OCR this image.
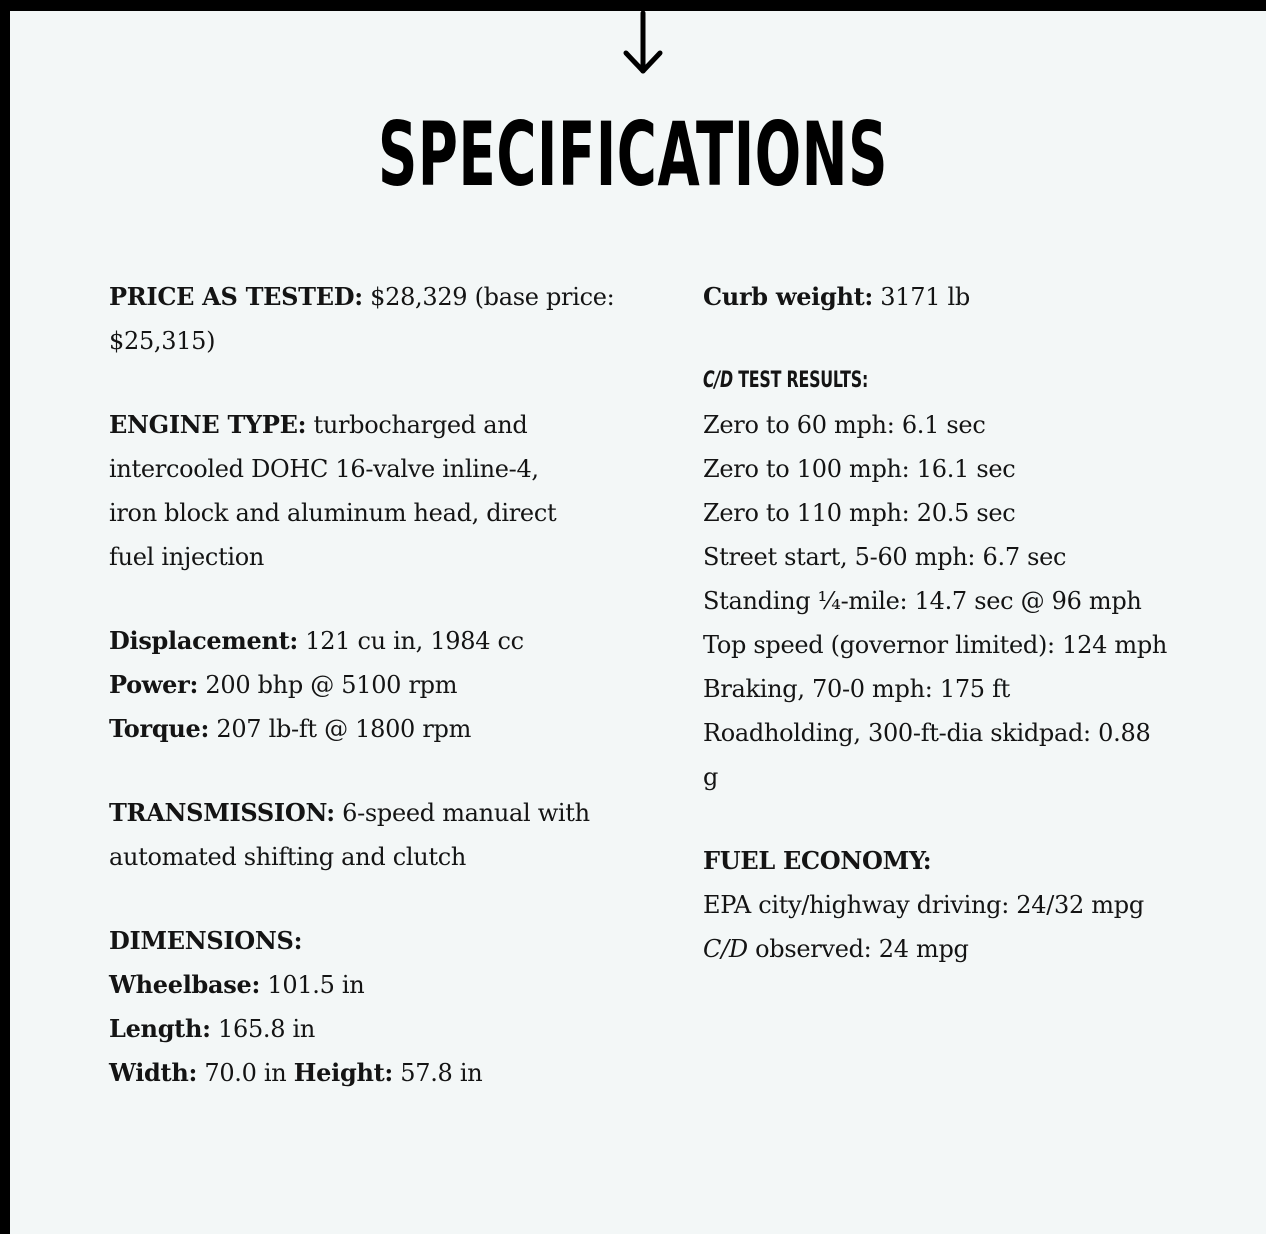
SPECIFICATIONS
PRICE AS TESTED: $28,329 (base price:
$25,315)
ENGINE TYPE: turbocharged and
intercooled DOHC 16-valve inline-4,
iron block and aluminum head, direct
fuel injection
Displacement: 121 cu in, 1984 cc
Power: 200 bhp @ 5100 rpm
Torque: 207 lb-ft @ 1800 rpm
TRANSMISSION: 6-speed manual with
automated shifting and clutch
DIMENSIONS:
Wheelbase: 101.5 in
Length: 165.8 in
Width: 70.0 in Height: 57.8 in
Curb weight: 3171 lb
C/D TEST RESULTS:
Zero to 60 mph: 6.1 sec
Zero to 100 mph: 16.1 sec
Zero to 110 mph: 20.5 sec
Street start, 5-60 mph: 6.7 sec
Standing ¼-mile: 14.7 sec @ 96 mph
Top speed (governor limited): 124 mph
Braking, 70-0 mph: 175 ft
Roadholding, 300-ft-dia skidpad: 0.88
g
FUEL ECONOMY:
EPA city/highway driving: 24/32 mpg
C/D observed: 24 mpg
